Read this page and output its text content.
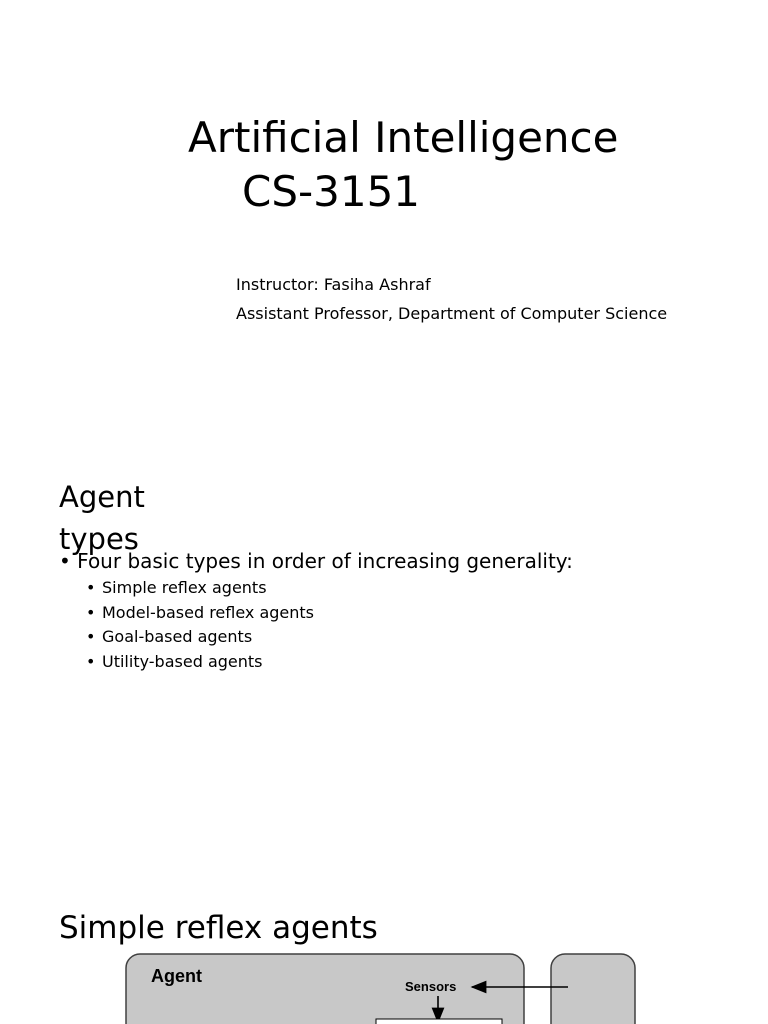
Artificial Intelligence
CS-3151
Instructor: Fasiha Ashraf
Assistant Professor, Department of Computer Science
Agent types
• Four basic types in order of increasing generality:
• Simple reflex agents
• Model-based reflex agents
• Goal-based agents
• Utility-based agents
Simple reflex agents
Agent
Sensors
